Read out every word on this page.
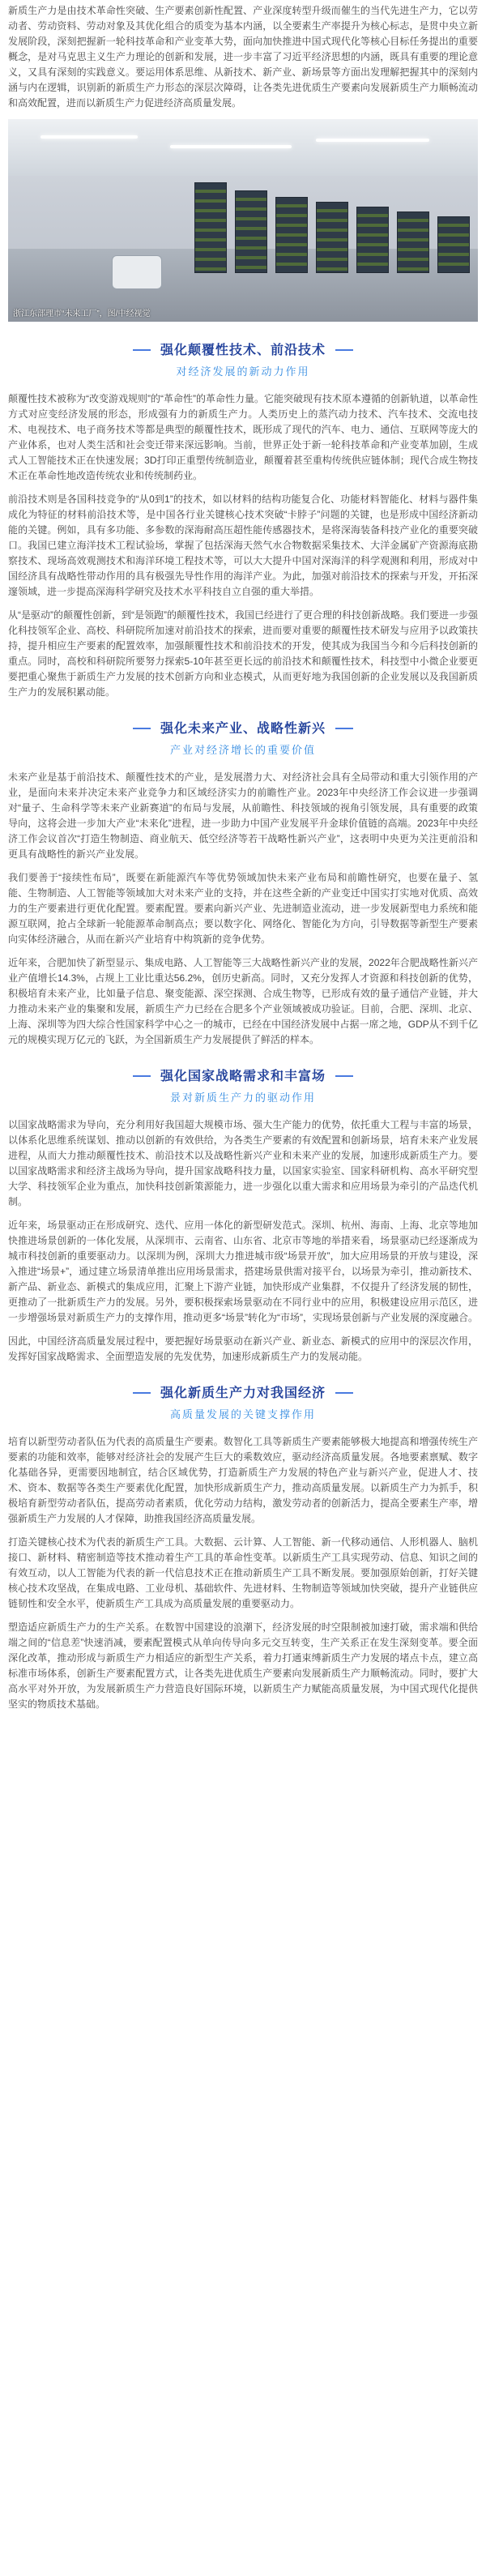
新质生产力是由技术革命性突破、生产要素创新性配置、产业深度转型升级而催生的当代先进生产力，它以劳动者、劳动资料、劳动对象及其优化组合的质变为基本内涵，以全要素生产率提升为核心标志，是贯中央立新发展阶段，深刻把握新一轮科技革命和产业变革大势，面向加快推进中国式现代化等核心目标任务提出的重要概念，是对马克思主义生产力理论的创新和发展，进一步丰富了习近平经济思想的内涵，既具有重要的理论意义，又具有深刻的实践意义。要运用体系思维、从新技术、新产业、新场景等方面出发理解把握其中的深刻内涵与内在逻辑，识别新的新质生产力形态的深层次障碍，让各类先进优质生产要素向发展新质生产力顺畅流动和高效配置，进而以新质生产力促进经济高质量发展。

浙江东部理市“未来工厂”，图/中经视觉
强化颠覆性技术、前沿技术
对经济发展的新动力作用

颠覆性技术被称为“改变游戏规则”的“革命性”的革命性力量。它能突破现有技术原本遵循的创新轨道，以革命性方式对应变经济发展的形态，形成强有力的新质生产力。人类历史上的蒸汽动力技术、汽车技术、交流电技术、电视技术、电子商务技术等都是典型的颠覆性技术，既形成了现代的汽车、电力、通信、互联网等庞大的产业体系，也对人类生活和社会变迁带来深远影响。当前，世界正处于新一轮科技革命和产业变革加剧，生成式人工智能技术正在快速发展；3D打印正重塑传统制造业，颠覆着甚至重构传统供应链体制；现代合成生物技术正在革命性地改造传统农业和传统制药业。

前沿技术则是各国科技竞争的“从0到1”的技术，如以材料的结构功能复合化、功能材料智能化、材料与器件集成化为特征的材料前沿技术等，是中国各行业关键核心技术突破“卡脖子”问题的关键，也是形成中国经济新动能的关键。例如，具有多功能、多参数的深海耐高压超性能传感器技术，是将深海装备科技产业化的重要突破口。我国已建立海洋技术工程试验场，掌握了包括深海天然气水合物数据采集技术、大洋金属矿产资源海底勘察技术、现场高效观测技术和海洋环境工程技术等，可以大大提升中国对深海洋的科学观测和利用，形成对中国经济具有战略性带动作用的具有极强先导性作用的海洋产业。为此，加强对前沿技术的探索与开发，开拓深邃领域，进一步提高深海科学研究及技术水平科技自立自强的重大举措。

从“是驱动”的颠覆性创新，到“是领跑”的颠覆性技术，我国已经进行了更合理的科技创新战略。我们要进一步强化科技领军企业、高校、科研院所加速对前沿技术的探索，进而要对重要的颠覆性技术研发与应用予以政策扶持，提升相应生产要素的配置效率，加强颠覆性技术和前沿技术的开发，使其成为我国当今和今后科技创新的重点。同时，高校和科研院所要努力探索5-10年甚至更长远的前沿技术和颠覆性技术，科技型中小微企业要更要把重心聚焦于新质生产力发展的技术创新方向和业态模式，从而更好地为我国创新的企业发展以及我国新质生产力的发展积累动能。

强化未来产业、战略性新兴
产业对经济增长的重要价值

未来产业是基于前沿技术、颠覆性技术的产业，是发展潜力大、对经济社会具有全局带动和重大引领作用的产业，是面向未来并决定未来产业竞争力和区域经济实力的前瞻性产业。2023年中央经济工作会议进一步强调对“量子、生命科学等未来产业新赛道”的布局与发展，从前瞻性、科技领域的视角引领发展，具有重要的政策导向，这将会进一步加大产业“未来化”进程，进一步助力中国产业发展平升金球价值链的高端。2023年中央经济工作会议首次“打造生物制造、商业航天、低空经济等若干战略性新兴产业”，这表明中央更为关注更前沿和更具有战略性的新兴产业发展。

我们要善于“接续性布局”，既要在新能源汽车等优势领域加快未来产业布局和前瞻性研究，也要在量子、氢能、生物制造、人工智能等领域加大对未来产业的支持，并在这些全新的产业变迁中国实打实地对优质、高效力的生产要素进行更优化配置。要素配置。要素向新兴产业、先进制造业流动，进一步发展新型电力系统和能源互联网，抢占全球新一轮能源革命制高点；要以数字化、网络化、智能化为方向，引导数据等新型生产要素向实体经济融合，从而在新兴产业培育中构筑新的竞争优势。

近年来，合肥加快了新型显示、集成电路、人工智能等三大战略性新兴产业的发展，2022年合肥战略性新兴产业产值增长14.3%，占规上工业比重达56.2%，创历史新高。同时，又充分发挥人才资源和科技创新的优势，积极培育未来产业，比如量子信息、聚变能源、深空探测、合成生物等，已形成有效的量子通信产业链，并大力推动未来产业的集聚和发展，新质生产力已经在合肥多个产业领域被成功验证。目前，合肥、深圳、北京、上海、深圳等为四大综合性国家科学中心之一的城市，已经在中国经济发展中占据一席之地，GDP从不到千亿元的规模实现万亿元的飞跃，为全国新质生产力发展提供了鲜活的样本。

强化国家战略需求和丰富场
景对新质生产力的驱动作用

以国家战略需求为导向，充分利用好我国超大规模市场、强大生产能力的优势，依托重大工程与丰富的场景，以体系化思维系统谋划、推动以创新的有效供给，为各类生产要素的有效配置和创新场景，培育未来产业发展进程，从而大力推动颠覆性技术、前沿技术以及战略性新兴产业和未来产业的发展，加速形成新质生产力。要以国家战略需求和经济主战场为导向，提升国家战略科技力量，以国家实验室、国家科研机构、高水平研究型大学、科技领军企业为重点，加快科技创新策源能力，进一步强化以重大需求和应用场景为牵引的产品迭代机制。

近年来，场景驱动正在形成研究、迭代、应用一体化的新型研发范式。深圳、杭州、海南、上海、北京等地加快推进场景创新的一体化发展，从深圳市、云南省、山东省、北京市等地的举措来看，场景驱动已经逐渐成为城市科技创新的重要驱动力。以深圳为例，深圳大力推进城市级“场景开放”，加大应用场景的开放与建设，深入推进“场景+”，通过建立场景清单推出应用场景需求，搭建场景供需对接平台，以场景为牵引，推动新技术、新产品、新业态、新模式的集成应用，汇聚上下游产业链，加快形成产业集群，不仅提升了经济发展的韧性，更推动了一批新质生产力的发展。另外，要积极探索场景驱动在不同行业中的应用，积极建设应用示范区，进一步增强场景对新质生产力的支撑作用，推动更多“场景”转化为“市场”，实现场景创新与产业发展的深度融合。

因此，中国经济高质量发展过程中，要把握好场景驱动在新兴产业、新业态、新模式的应用中的深层次作用，发挥好国家战略需求、全面塑造发展的先发优势，加速形成新质生产力的发展动能。

强化新质生产力对我国经济
高质量发展的关键支撑作用

培育以新型劳动者队伍为代表的高质量生产要素。数智化工具等新质生产要素能够极大地提高和增强传统生产要素的功能和效率，能够对经济社会的发展产生巨大的乘数效应，驱动经济高质量发展。各地要素禀赋、数字化基础各异，更需要因地制宜，结合区域优势，打造新质生产力发展的特色产业与新兴产业，促进人才、技术、资本、数据等各类生产要素优化配置，加快形成新质生产力，推动高质量发展。以新质生产力为抓手，积极培育新型劳动者队伍，提高劳动者素质，优化劳动力结构，激发劳动者的创新活力，提高全要素生产率，增强新质生产力发展的人才保障，助推我国经济高质量发展。

打造关键核心技术为代表的新质生产工具。大数据、云计算、人工智能、新一代移动通信、人形机器人、脑机接口、新材料、精密制造等技术推动着生产工具的革命性变革。以新质生产工具实现劳动、信息、知识之间的有效互动，以人工智能为代表的新一代信息技术正在推动新质生产工具不断发展。要加强原始创新，打好关键核心技术攻坚战，在集成电路、工业母机、基础软件、先进材料、生物制造等领域加快突破，提升产业链供应链韧性和安全水平，使新质生产工具成为高质量发展的重要驱动力。

塑造适应新质生产力的生产关系。在数智中国建设的浪潮下，经济发展的时空限制被加速打破，需求端和供给端之间的“信息差”快速消减，要素配置模式从单向传导向多元交互转变，生产关系正在发生深刻变革。要全面深化改革，推动形成与新质生产力相适应的新型生产关系，着力打通束缚新质生产力发展的堵点卡点，建立高标准市场体系，创新生产要素配置方式，让各类先进优质生产要素向发展新质生产力顺畅流动。同时，要扩大高水平对外开放，为发展新质生产力营造良好国际环境，以新质生产力赋能高质量发展，为中国式现代化提供坚实的物质技术基础。
